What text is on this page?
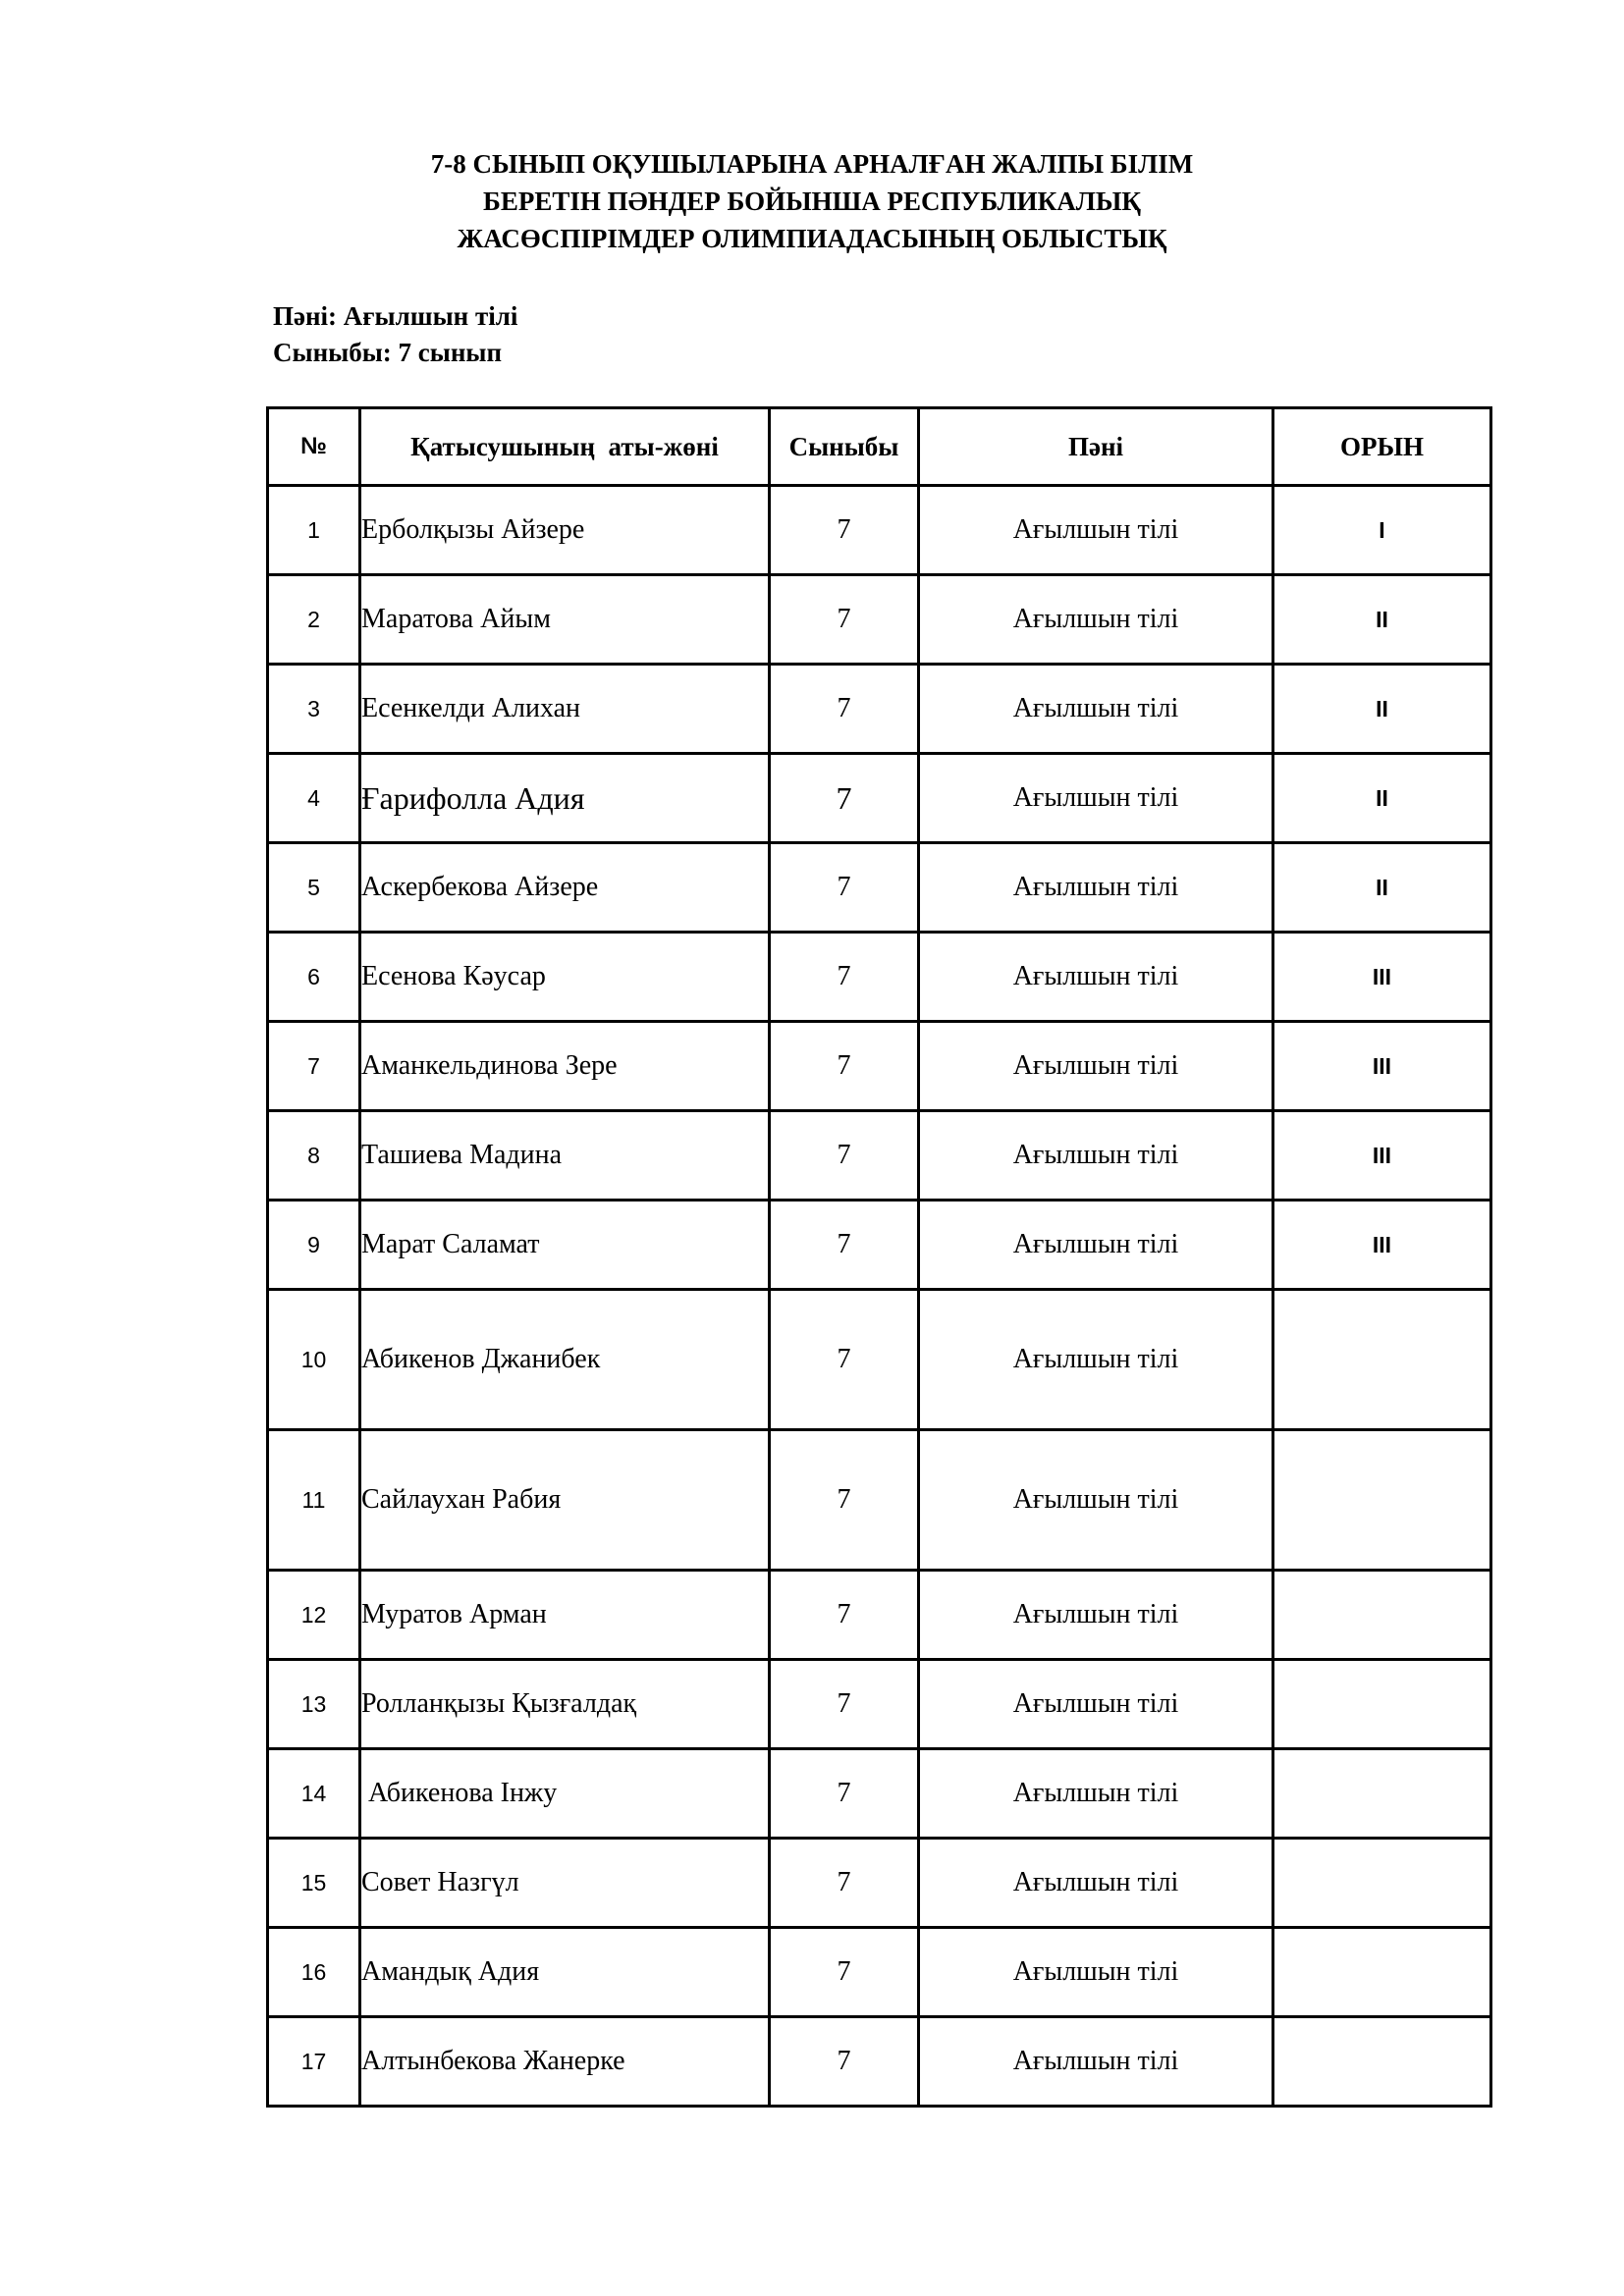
7-8 СЫНЫП ОҚУШЫЛАРЫНА АРНАЛҒАН ЖАЛПЫ БІЛІМ
БЕРЕТІН ПӘНДЕР БОЙЫНША РЕСПУБЛИКАЛЫҚ
ЖАСӨСПІРІМДЕР ОЛИМПИАДАСЫНЫҢ ОБЛЫСТЫҚ
Пәні: Ағылшын тілі
Сыныбы: 7 сынып
№	Қатысушының  аты-жөні	Сыныбы	Пәні	ОРЫН
1	Ерболқызы Айзере	7	Ағылшын тілі	I
2	Маратова Айым	7	Ағылшын тілі	II
3	Есенкелди Алихан	7	Ағылшын тілі	II
4	Ғарифолла Адия	7	Ағылшын тілі	II
5	Аскербекова Айзере	7	Ағылшын тілі	II
6	Есенова Кәусар	7	Ағылшын тілі	III
7	Аманкельдинова Зере	7	Ағылшын тілі	III
8	Ташиева Мадина	7	Ағылшын тілі	III
9	Марат Саламат	7	Ағылшын тілі	III
10	Абикенов Джанибек	7	Ағылшын тілі	
11	Сайлаухан Рабия	7	Ағылшын тілі	
12	Муратов Арман	7	Ағылшын тілі	
13	Ролланқызы Қызғалдақ	7	Ағылшын тілі	
14	Абикенова Інжу	7	Ағылшын тілі	
15	Совет Назгүл	7	Ағылшын тілі	
16	Амандық Адия	7	Ағылшын тілі	
17	Алтынбекова Жанерке	7	Ағылшын тілі	
